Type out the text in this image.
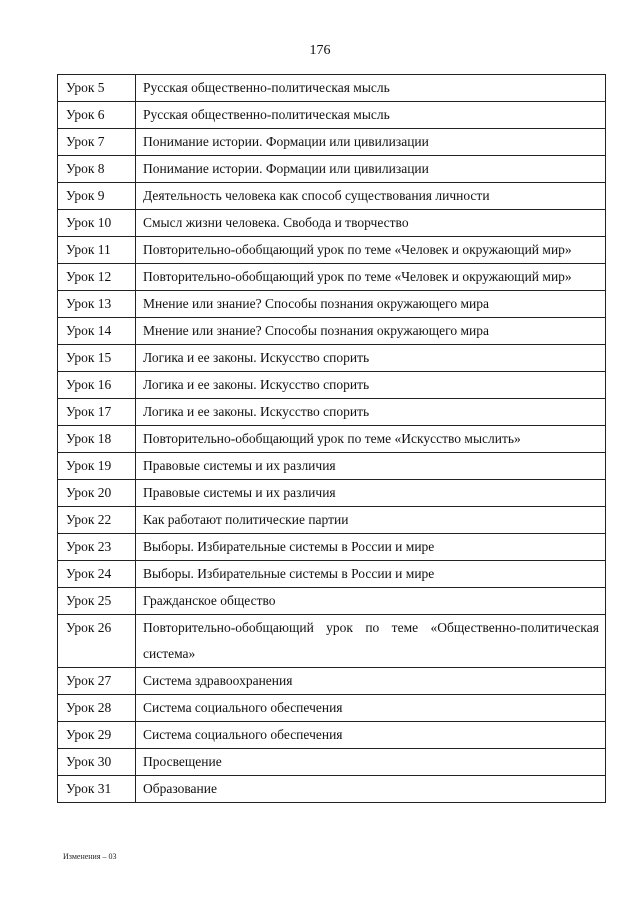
176
Урок 5	Русская общественно-политическая мысль
Урок 6	Русская общественно-политическая мысль
Урок 7	Понимание истории. Формации или цивилизации
Урок 8	Понимание истории. Формации или цивилизации
Урок 9	Деятельность человека как способ существования личности
Урок 10	Смысл жизни человека. Свобода и творчество
Урок 11	Повторительно-обобщающий урок по теме «Человек и окружающий мир»
Урок 12	Повторительно-обобщающий урок по теме «Человек и окружающий мир»
Урок 13	Мнение или знание? Способы познания окружающего мира
Урок 14	Мнение или знание? Способы познания окружающего мира
Урок 15	Логика и ее законы. Искусство спорить
Урок 16	Логика и ее законы. Искусство спорить
Урок 17	Логика и ее законы. Искусство спорить
Урок 18	Повторительно-обобщающий урок по теме «Искусство мыслить»
Урок 19	Правовые системы и их различия
Урок 20	Правовые системы и их различия
Урок 22	Как работают политические партии
Урок 23	Выборы. Избирательные системы в России и мире
Урок 24	Выборы. Избирательные системы в России и мире
Урок 25	Гражданское общество
Урок 26	Повторительно-обобщающий урок по теме «Общественно-политическая система»
Урок 27	Система здравоохранения
Урок 28	Система социального обеспечения
Урок 29	Система социального обеспечения
Урок 30	Просвещение
Урок 31	Образование
Изменения – 03
